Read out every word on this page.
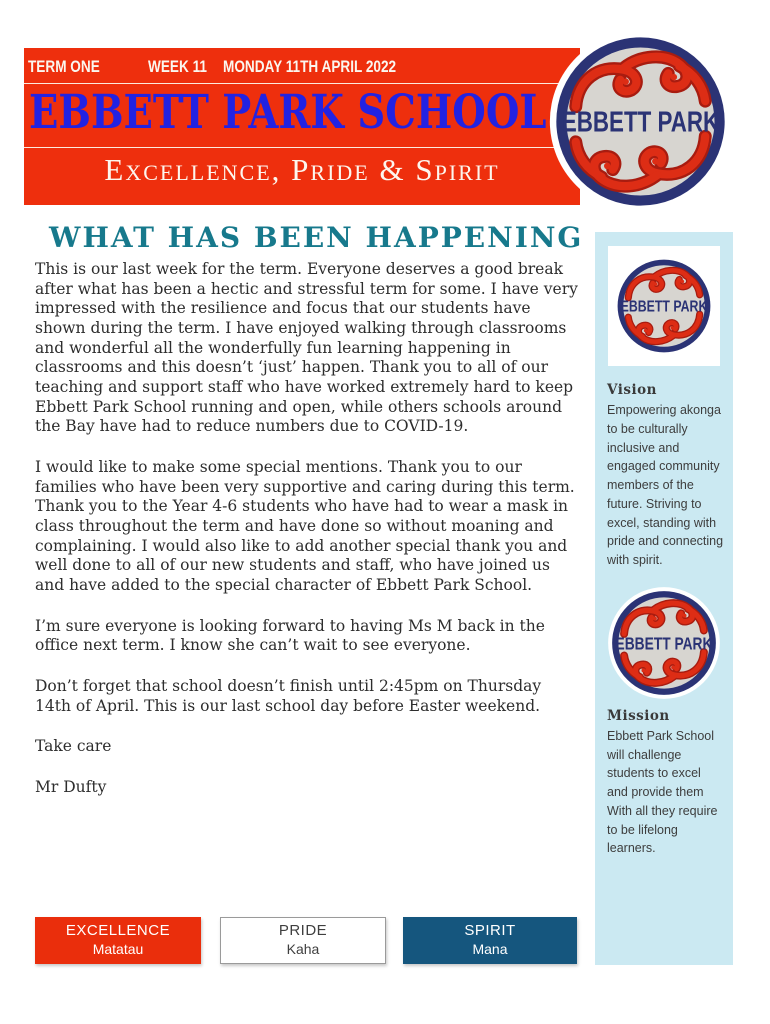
TERM ONE	WEEK 11 MONDAY 11TH APRIL 2022
EBBETT PARK SCHOOL
Excellence, Pride & Spirit
WHAT HAS BEEN HAPPENING

This is our last week for the term. Everyone deserves a good break after what has been a hectic and stressful term for some. I have very impressed with the resilience and focus that our students have shown during the term. I have enjoyed walking through classrooms and wonderful all the wonderfully fun learning happening in classrooms and this doesn’t ‘just’ happen. Thank you to all of our teaching and support staff who have worked extremely hard to keep Ebbett Park School running and open, while others schools around the Bay have had to reduce numbers due to COVID-19.

I would like to make some special mentions. Thank you to our families who have been very supportive and caring during this term. Thank you to the Year 4-6 students who have had to wear a mask in class throughout the term and have done so without moaning and complaining. I would also like to add another special thank you and well done to all of our new students and staff, who have joined us and have added to the special character of Ebbett Park School.

I’m sure everyone is looking forward to having Ms M back in the office next term. I know she can’t wait to see everyone.

Don’t forget that school doesn’t finish until 2:45pm on Thursday 14th of April. This is our last school day before Easter weekend.

Take care

Mr Dufty

Vision
Empowering akonga to be culturally inclusive and engaged community members of the future. Striving to excel, standing with pride and connecting with spirit.
Mission
Ebbett Park School will challenge students to excel and provide them With all they require to be lifelong learners.
EXCELLENCE
Matatau
PRIDE
Kaha
SPIRIT
Mana
